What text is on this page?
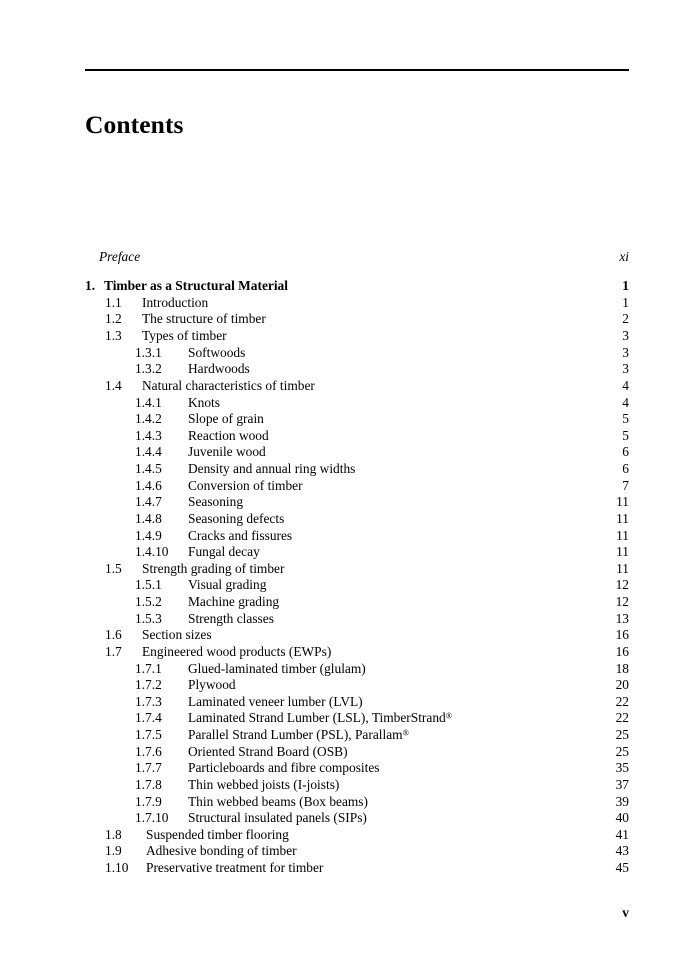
Contents
Preface	xi
1. Timber as a Structural Material	1
1.1 Introduction	1
1.2 The structure of timber	2
1.3 Types of timber	3
1.3.1 Softwoods	3
1.3.2 Hardwoods	3
1.4 Natural characteristics of timber	4
1.4.1 Knots	4
1.4.2 Slope of grain	5
1.4.3 Reaction wood	5
1.4.4 Juvenile wood	6
1.4.5 Density and annual ring widths	6
1.4.6 Conversion of timber	7
1.4.7 Seasoning	11
1.4.8 Seasoning defects	11
1.4.9 Cracks and fissures	11
1.4.10 Fungal decay	11
1.5 Strength grading of timber	11
1.5.1 Visual grading	12
1.5.2 Machine grading	12
1.5.3 Strength classes	13
1.6 Section sizes	16
1.7 Engineered wood products (EWPs)	16
1.7.1 Glued-laminated timber (glulam)	18
1.7.2 Plywood	20
1.7.3 Laminated veneer lumber (LVL)	22
1.7.4 Laminated Strand Lumber (LSL), TimberStrand®	22
1.7.5 Parallel Strand Lumber (PSL), Parallam®	25
1.7.6 Oriented Strand Board (OSB)	25
1.7.7 Particleboards and fibre composites	35
1.7.8 Thin webbed joists (I-joists)	37
1.7.9 Thin webbed beams (Box beams)	39
1.7.10 Structural insulated panels (SIPs)	40
1.8 Suspended timber flooring	41
1.9 Adhesive bonding of timber	43
1.10 Preservative treatment for timber	45
v
